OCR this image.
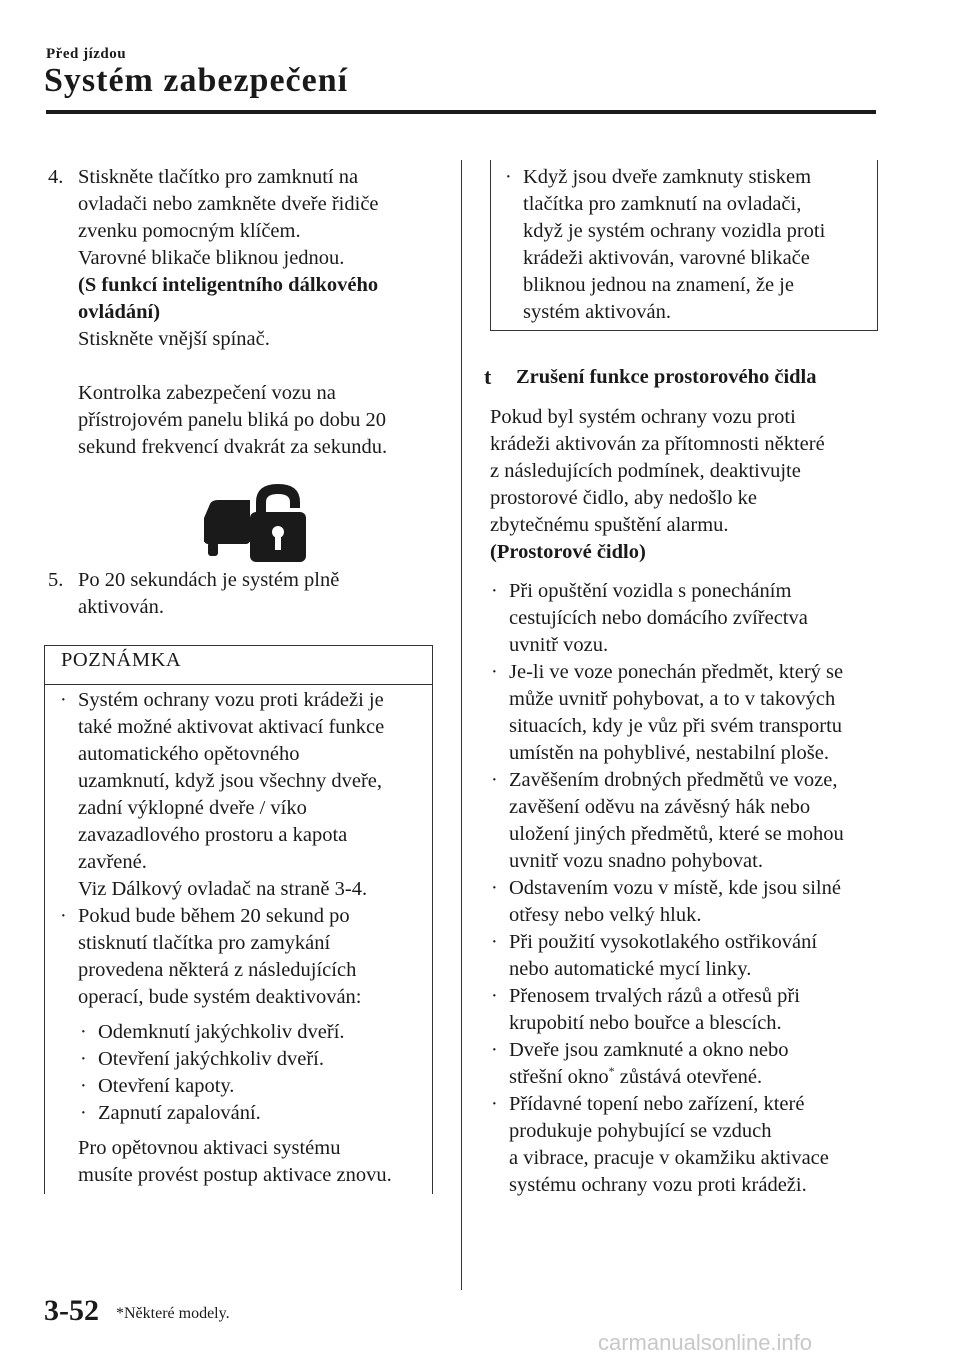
Před jízdou
Systém zabezpečení
4. Stiskněte tlačítko pro zamknutí na
ovladači nebo zamkněte dveře řidiče
zvenku pomocným klíčem.
Varovné blikače bliknou jednou.
(S funkcí inteligentního dálkového
ovládání)
Stiskněte vnější spínač.
Kontrolka zabezpečení vozu na
přístrojovém panelu bliká po dobu 20
sekund frekvencí dvakrát za sekundu.
5. Po 20 sekundách je systém plně
aktivován.
POZNÁMKA
· Systém ochrany vozu proti krádeži je
také možné aktivovat aktivací funkce
automatického opětovného
uzamknutí, když jsou všechny dveře,
zadní výklopné dveře / víko
zavazadlového prostoru a kapota
zavřené.
Viz Dálkový ovladač na straně 3-4.
· Pokud bude během 20 sekund po
stisknutí tlačítka pro zamykání
provedena některá z následujících
operací, bude systém deaktivován:
· Odemknutí jakýchkoliv dveří.
· Otevření jakýchkoliv dveří.
· Otevření kapoty.
· Zapnutí zapalování.
Pro opětovnou aktivaci systému
musíte provést postup aktivace znovu.
· Když jsou dveře zamknuty stiskem
tlačítka pro zamknutí na ovladači,
když je systém ochrany vozidla proti
krádeži aktivován, varovné blikače
bliknou jednou na znamení, že je
systém aktivován.
t Zrušení funkce prostorového čidla
Pokud byl systém ochrany vozu proti
krádeži aktivován za přítomnosti některé
z následujících podmínek, deaktivujte
prostorové čidlo, aby nedošlo ke
zbytečnému spuštění alarmu.
(Prostorové čidlo)
· Při opuštění vozidla s ponecháním
cestujících nebo domácího zvířectva
uvnitř vozu.
· Je-li ve voze ponechán předmět, který se
může uvnitř pohybovat, a to v takových
situacích, kdy je vůz při svém transportu
umístěn na pohyblivé, nestabilní ploše.
· Zavěšením drobných předmětů ve voze,
zavěšení oděvu na závěsný hák nebo
uložení jiných předmětů, které se mohou
uvnitř vozu snadno pohybovat.
· Odstavením vozu v místě, kde jsou silné
otřesy nebo velký hluk.
· Při použití vysokotlakého ostřikování
nebo automatické mycí linky.
· Přenosem trvalých rázů a otřesů při
krupobití nebo bouřce a blescích.
· Dveře jsou zamknuté a okno nebo
střešní okno* zůstává otevřené.
· Přídavné topení nebo zařízení, které
produkuje pohybující se vzduch
a vibrace, pracuje v okamžiku aktivace
systému ochrany vozu proti krádeži.
3-52 *Některé modely.
carmanualsonline.info
